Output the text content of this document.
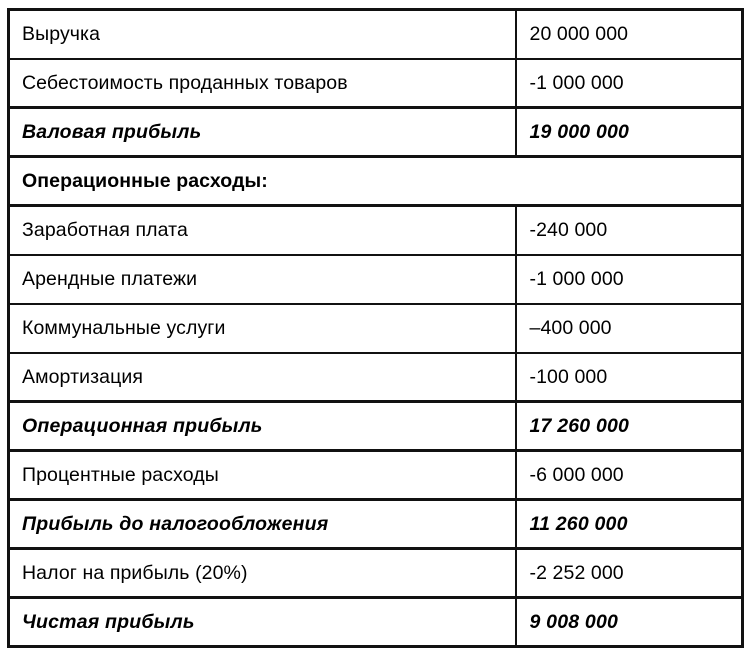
Выручка	20 000 000
Себестоимость проданных товаров	-1 000 000
Валовая прибыль	19 000 000
Операционные расходы:	
Заработная плата	-240 000
Арендные платежи	-1 000 000
Коммунальные услуги	–400 000
Амортизация	-100 000
Операционная прибыль	17 260 000
Процентные расходы	-6 000 000
Прибыль до налогообложения	11 260 000
Налог на прибыль (20%)	-2 252 000
Чистая прибыль	9 008 000
